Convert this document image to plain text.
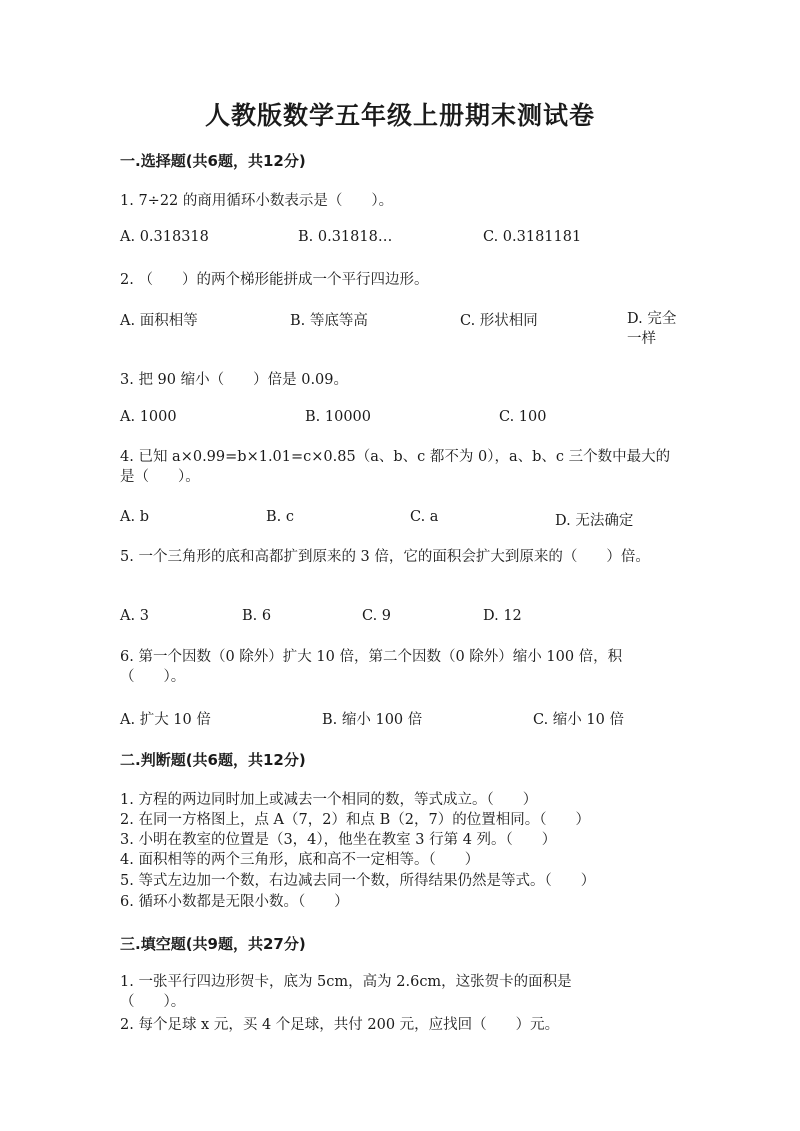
人教版数学五年级上册期末测试卷
一.选择题(共6题，共12分)
1. 7÷22 的商用循环小数表示是（　　）。
A. 0.318318	B. 0.31818…	C. 0.3181181
2. （　　）的两个梯形能拼成一个平行四边形。
A. 面积相等	B. 等底等高	C. 形状相同	D. 完全一样
3. 把 90 缩小（　　）倍是 0.09。
A. 1000	B. 10000	C. 100
4. 已知 a×0.99=b×1.01=c×0.85（a、b、c 都不为 0），a、b、c 三个数中最大的是（　　）。
A. b	B. c	C. a	D. 无法确定
5. 一个三角形的底和高都扩到原来的 3 倍，它的面积会扩大到原来的（　　）倍。
A. 3	B. 6	C. 9	D. 12
6. 第一个因数（0 除外）扩大 10 倍，第二个因数（0 除外）缩小 100 倍，积（　　）。
A. 扩大 10 倍	B. 缩小 100 倍	C. 缩小 10 倍
二.判断题(共6题，共12分)
1. 方程的两边同时加上或减去一个相同的数，等式成立。（　　）
2. 在同一方格图上，点 A（7，2）和点 B（2，7）的位置相同。（　　）
3. 小明在教室的位置是（3，4），他坐在教室 3 行第 4 列。（　　）
4. 面积相等的两个三角形，底和高不一定相等。（　　）
5. 等式左边加一个数，右边减去同一个数，所得结果仍然是等式。（　　）
6. 循环小数都是无限小数。（　　）
三.填空题(共9题，共27分)
1. 一张平行四边形贺卡，底为 5cm，高为 2.6cm，这张贺卡的面积是（　　）。
2. 每个足球 x 元，买 4 个足球，共付 200 元，应找回（　　）元。
